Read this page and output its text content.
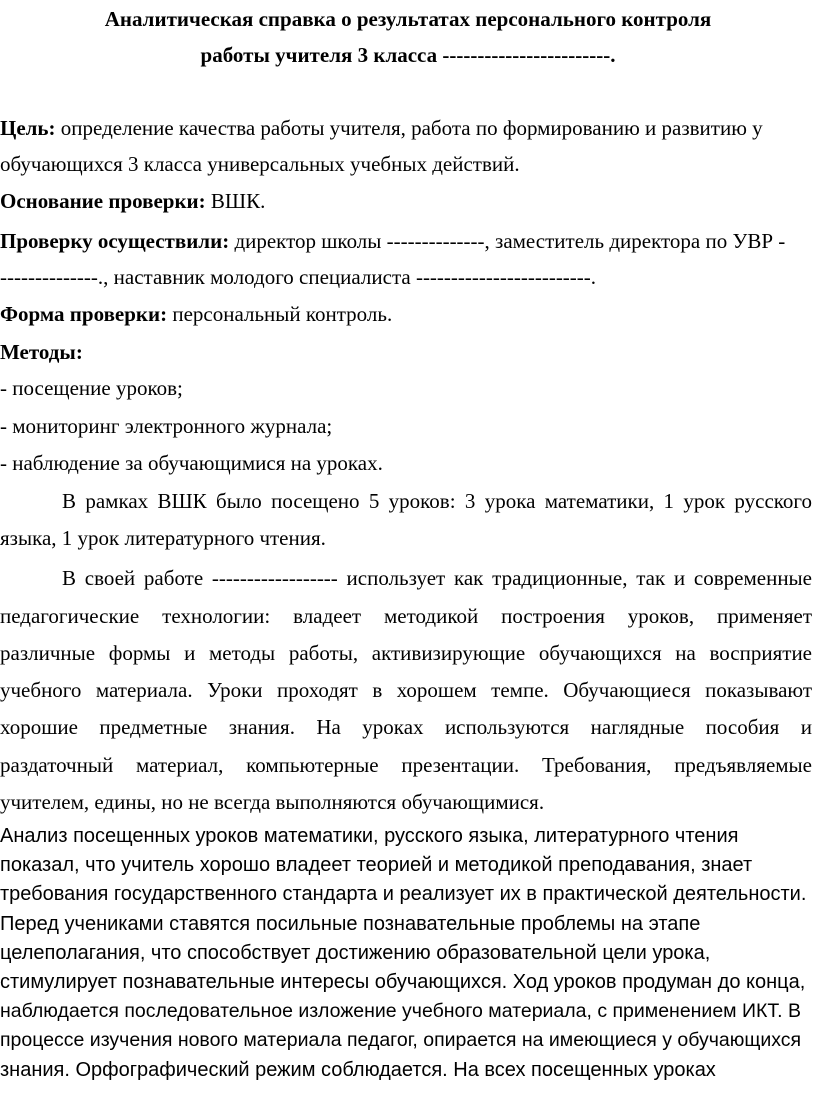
Аналитическая справка о результатах персонального контроля
работы учителя 3 класса ------------------------.
Цель: определение качества работы учителя, работа по формированию и развитию у
обучающихся 3 класса универсальных учебных действий.
Основание проверки: ВШК.
Проверку осуществили: директор школы --------------, заместитель директора по УВР -
--------------., наставник молодого специалиста -------------------------.
Форма проверки: персональный контроль.
Методы:
- посещение уроков;
- мониторинг электронного журнала;
- наблюдение за обучающимися на уроках.
В рамках ВШК было посещено 5 уроков: 3 урока математики, 1 урок русского
языка, 1 урок литературного чтения.
В своей работе ------------------ использует как традиционные, так и современные
педагогические технологии: владеет методикой построения уроков, применяет
различные формы и методы работы, активизирующие обучающихся на восприятие
учебного материала. Уроки проходят в хорошем темпе. Обучающиеся показывают
хорошие предметные знания. На уроках используются наглядные пособия и
раздаточный материал, компьютерные презентации. Требования, предъявляемые
учителем, едины, но не всегда выполняются обучающимися.
Анализ посещенных уроков математики, русского языка, литературного чтения
показал, что учитель хорошо владеет теорией и методикой преподавания, знает
требования государственного стандарта и реализует их в практической деятельности.
Перед учениками ставятся посильные познавательные проблемы на этапе
целеполагания, что способствует достижению образовательной цели урока,
стимулирует познавательные интересы обучающихся. Ход уроков продуман до конца,
наблюдается последовательное изложение учебного материала, с применением ИКТ. В
процессе изучения нового материала педагог, опирается на имеющиеся у обучающихся
знания. Орфографический режим соблюдается. На всех посещенных уроках
